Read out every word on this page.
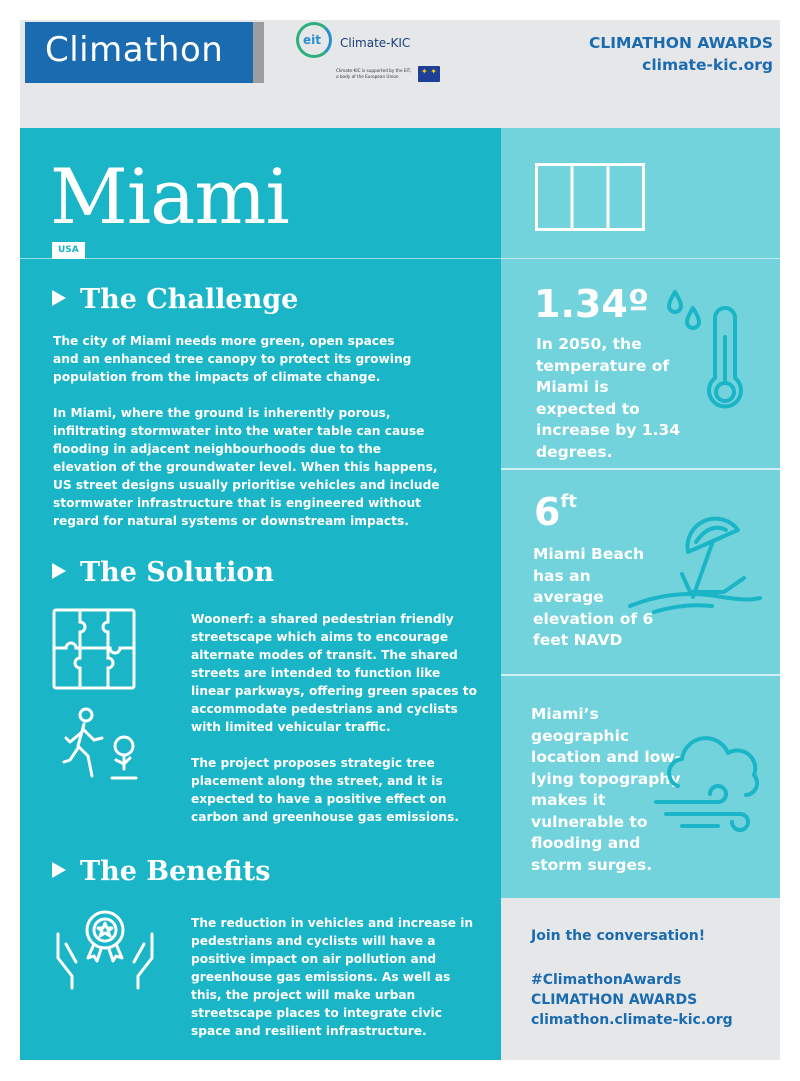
Climathon	eit Climate-KIC
Climate-KIC is supported by the EIT, a body of the European Union
✦ ✦
CLIMATHON AWARDS
climate-kic.org
Miami
USA
The Challenge
The city of Miami needs more green, open spaces and an enhanced tree canopy to protect its growing population from the impacts of climate change.
In Miami, where the ground is inherently porous, infiltrating stormwater into the water table can cause flooding in adjacent neighbourhoods due to the elevation of the groundwater level. When this happens, US street designs usually prioritise vehicles and include stormwater infrastructure that is engineered without regard for natural systems or downstream impacts.
The Solution
Woonerf: a shared pedestrian friendly streetscape which aims to encourage alternate modes of transit. The shared streets are intended to function like linear parkways, offering green spaces to accommodate pedestrians and cyclists with limited vehicular traffic.
The project proposes strategic tree placement along the street, and it is expected to have a positive effect on carbon and greenhouse gas emissions.
The Benefits
The reduction in vehicles and increase in pedestrians and cyclists will have a positive impact on air pollution and greenhouse gas emissions. As well as this, the project will make urban streetscape places to integrate civic space and resilient infrastructure.
1.34º
In 2050, the temperature of Miami is expected to increase by 1.34 degrees.
$6^{ft}$
Miami Beach has an average elevation of 6 feet NAVD
Miami’s geographic location and low-lying topography makes it vulnerable to flooding and storm surges.
Join the conversation!
#ClimathonAwards
CLIMATHON AWARDS
climathon.climate-kic.org
